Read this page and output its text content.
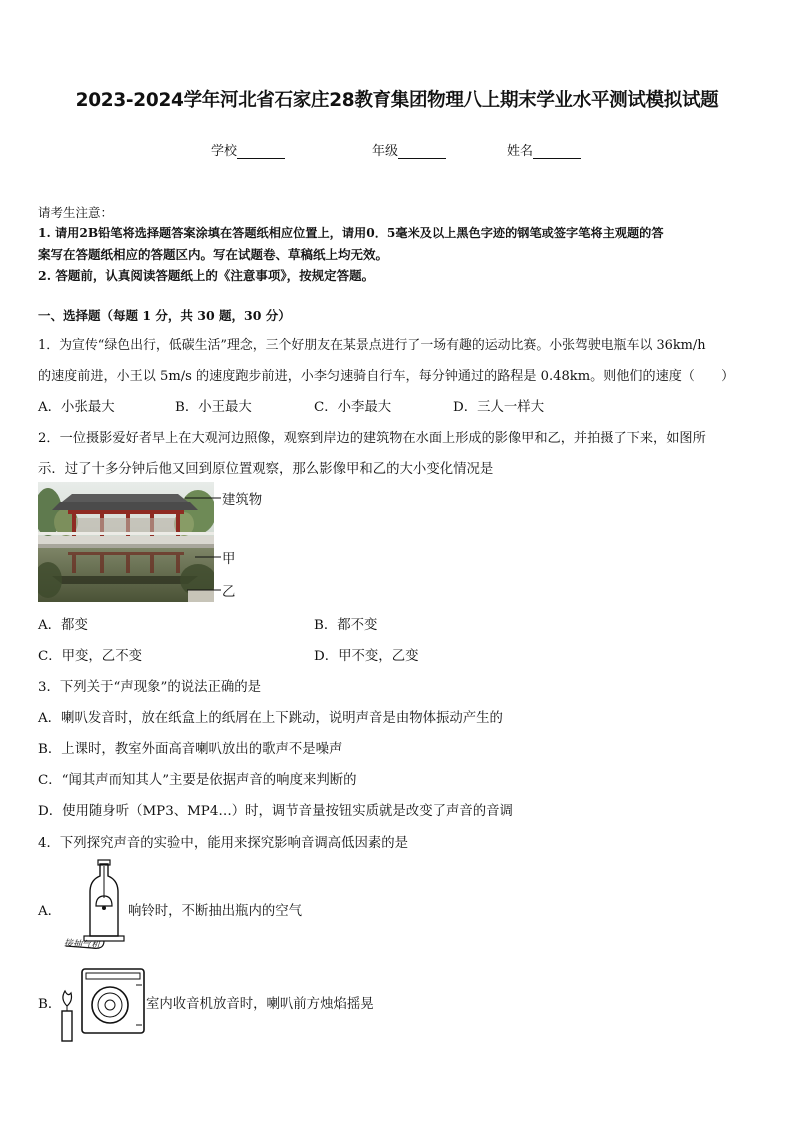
2023-2024学年河北省石家庄28教育集团物理八上期末学业水平测试模拟试题
学校	年级	姓名
请考生注意：
1. 请用2B铅笔将选择题答案涂填在答题纸相应位置上，请用0．5毫米及以上黑色字迹的钢笔或签字笔将主观题的答
案写在答题纸相应的答题区内。写在试题卷、草稿纸上均无效。
2. 答题前，认真阅读答题纸上的《注意事项》，按规定答题。
一、选择题（每题 1 分，共 30 题，30 分）
1．为宣传“绿色出行，低碳生活”理念，三个好朋友在某景点进行了一场有趣的运动比赛。小张驾驶电瓶车以 36km/h
的速度前进，小王以 5m/s 的速度跑步前进，小李匀速骑自行车，每分钟通过的路程是 0.48km。则他们的速度（　　）
A．小张最大	B．小王最大	C．小李最大	D．三人一样大
2．一位摄影爱好者早上在大观河边照像，观察到岸边的建筑物在水面上形成的影像甲和乙，并拍摄了下来，如图所
示．过了十多分钟后他又回到原位置观察，那么影像甲和乙的大小变化情况是
建筑物
甲
乙
A．都变	B．都不变
C．甲变，乙不变	D．甲不变，乙变
3．下列关于“声现象”的说法正确的是
A．喇叭发音时，放在纸盒上的纸屑在上下跳动，说明声音是由物体振动产生的
B．上课时，教室外面高音喇叭放出的歌声不是噪声
C．“闻其声而知其人”主要是依据声音的响度来判断的
D．使用随身听（MP3、MP4…）时，调节音量按钮实质就是改变了声音的音调
4．下列探究声音的实验中，能用来探究影响音调高低因素的是
A．
接抽气机
响铃时，不断抽出瓶内的空气
B．	室内收音机放音时，喇叭前方烛焰摇晃
